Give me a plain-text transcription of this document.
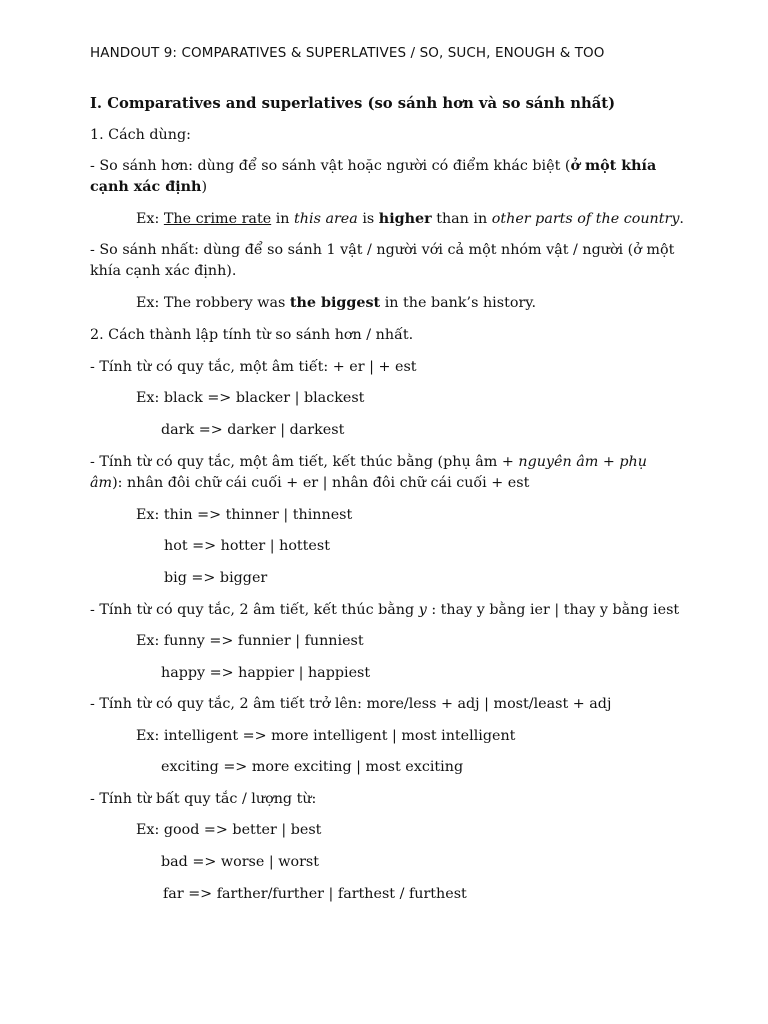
HANDOUT 9: COMPARATIVES & SUPERLATIVES / SO, SUCH, ENOUGH & TOO
I. Comparatives and superlatives (so sánh hơn và so sánh nhất)
1. Cách dùng:
- So sánh hơn: dùng để so sánh vật hoặc người có điểm khác biệt (ở một khía cạnh xác định)
Ex: The crime rate in this area is higher than in other parts of the country.
- So sánh nhất: dùng để so sánh 1 vật / người với cả một nhóm vật / người (ở một khía cạnh xác định).
Ex: The robbery was the biggest in the bank’s history.
2. Cách thành lập tính từ so sánh hơn / nhất.
- Tính từ có quy tắc, một âm tiết: + er | + est
Ex: black => blacker | blackest
dark => darker | darkest
- Tính từ có quy tắc, một âm tiết, kết thúc bằng (phụ âm + nguyên âm + phụ âm): nhân đôi chữ cái cuối + er | nhân đôi chữ cái cuối + est
Ex: thin => thinner | thinnest
hot => hotter | hottest
big => bigger
- Tính từ có quy tắc, 2 âm tiết, kết thúc bằng y : thay y bằng ier | thay y bằng iest
Ex: funny => funnier | funniest
happy => happier | happiest
- Tính từ có quy tắc, 2 âm tiết trở lên: more/less + adj | most/least + adj
Ex: intelligent => more intelligent | most intelligent
exciting => more exciting | most exciting
- Tính từ bất quy tắc / lượng từ:
Ex: good => better | best
bad => worse | worst
far => farther/further | farthest / furthest
